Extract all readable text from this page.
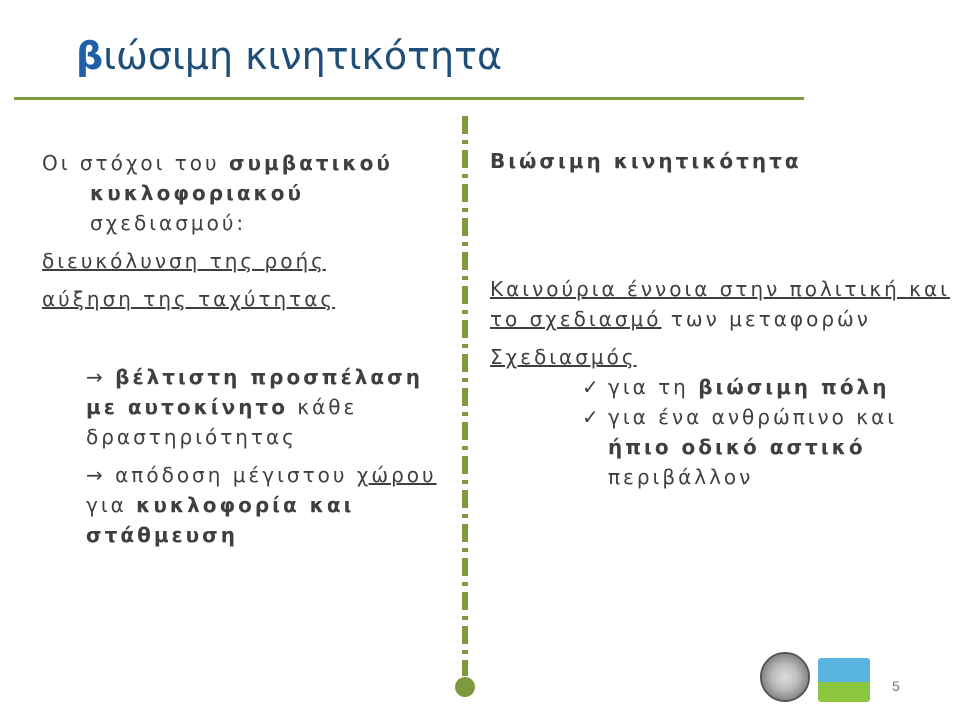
βιώσιμη κινητικότητα

Οι στόχοι του συμβατικού κυκλοφοριακού σχεδιασμού:

διευκόλυνση της ροής

αύξηση της ταχύτητας

→ βέλτιστη προσπέλαση με αυτοκίνητο κάθε δραστηριότητας

→ απόδοση μέγιστου χώρου για κυκλοφορία και στάθμευση

Βιώσιμη κινητικότητα

Καινούρια έννοια στην πολιτική και το σχεδιασμό των μεταφορών

Σχεδιασμός

✓ για τη βιώσιμη πόλη

✓ για ένα ανθρώπινο και ήπιο οδικό αστικό περιβάλλον

5
